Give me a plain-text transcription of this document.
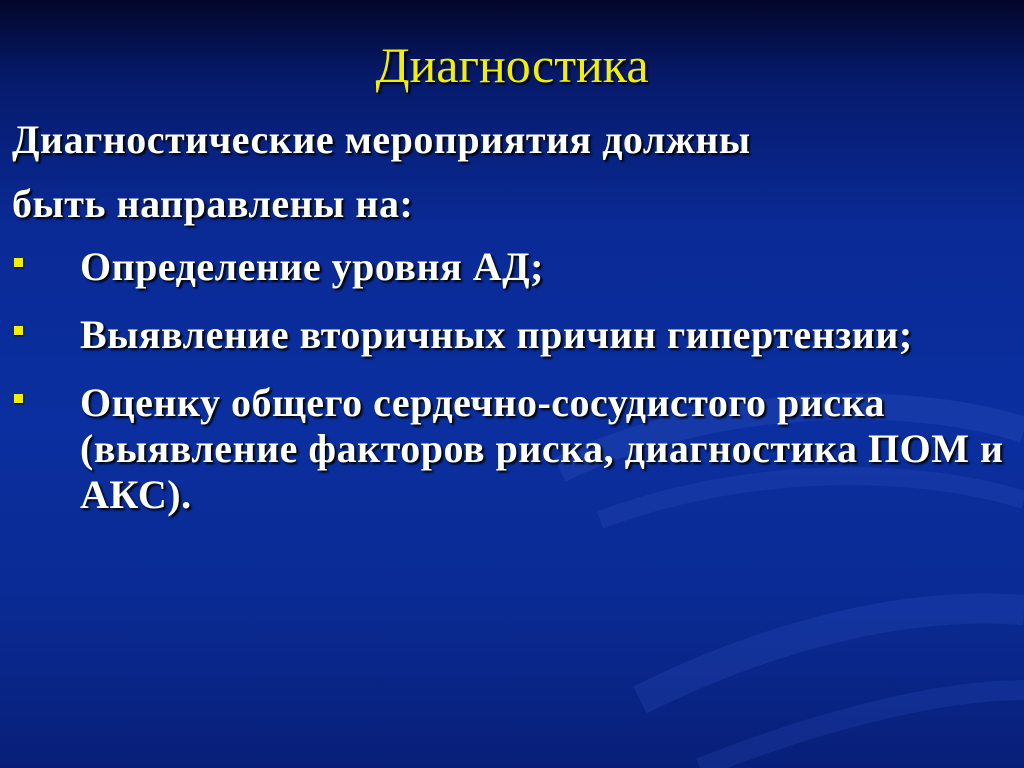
Диагностика

Диагностические мероприятия должны

быть направлены на:

Определение уровня АД;
Выявление вторичных причин гипертензии;
Оценку общего сердечно-сосудистого риска (выявление факторов риска, диагностика ПОМ и АКС).
